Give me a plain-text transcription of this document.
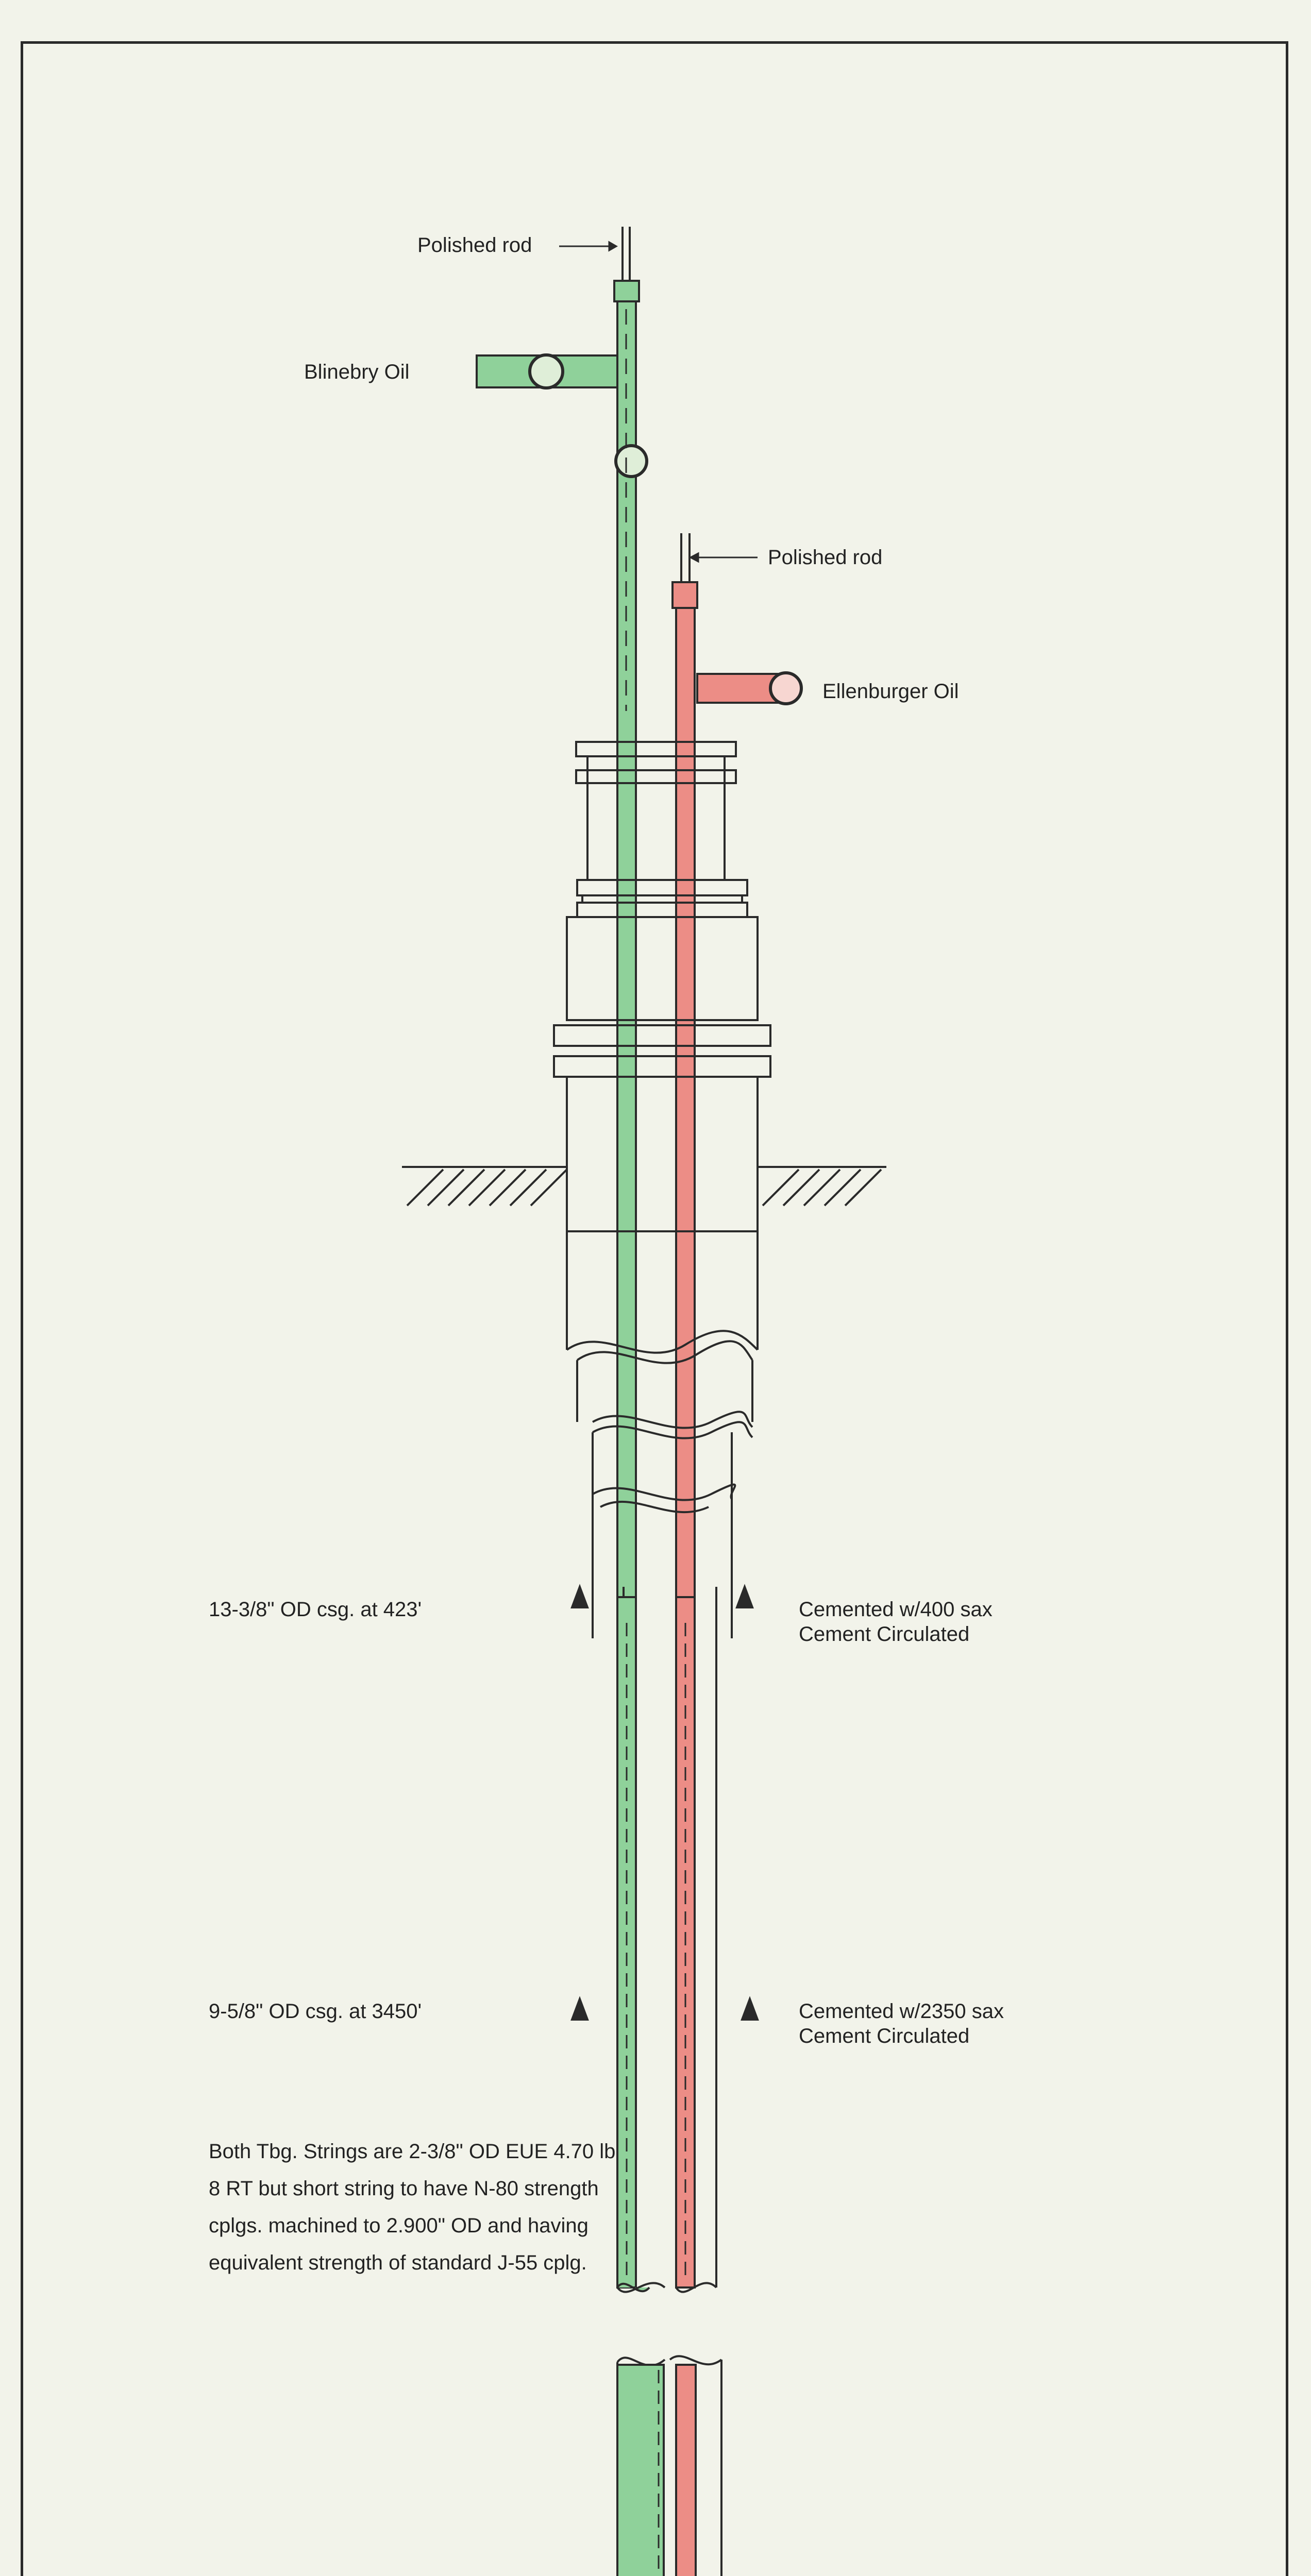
Polished rod
Blinebry Oil
Polished rod
Ellenburger Oil
13-3/8" OD csg. at 423'	Cemented w/400 sax
Cement Circulated
9-5/8" OD csg. at 3450'	Cemented w/2350 sax
Cement Circulated
Both Tbg. Strings are 2-3/8" OD EUE 4.70 lb 8 RT but short string to have N-80 strength cplgs. machined to 2.900" OD and having equivalent strength of standard J-55 cplg.
